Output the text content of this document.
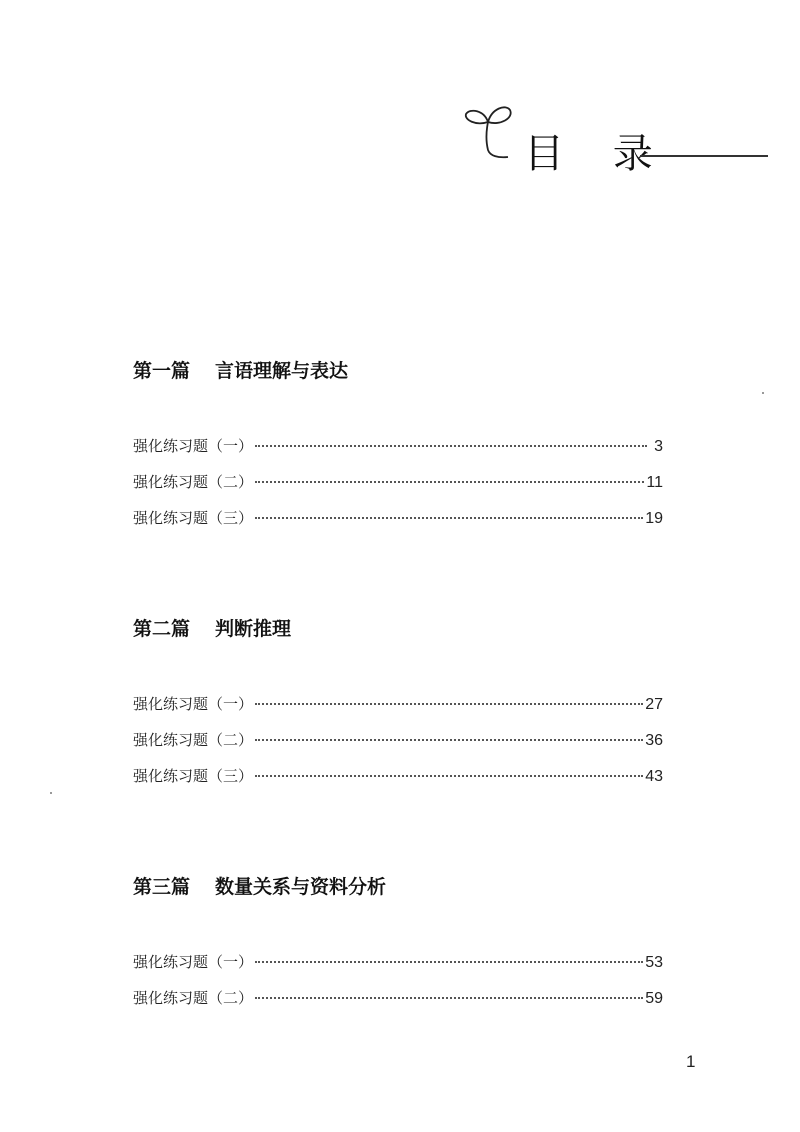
目 录
第一篇 言语理解与表达
强化练习题（一）	3
强化练习题（二）	11
强化练习题（三）	19
第二篇 判断推理
强化练习题（一）	27
强化练习题（二）	36
强化练习题（三）	43
第三篇 数量关系与资料分析
强化练习题（一）	53
强化练习题（二）	59
1
